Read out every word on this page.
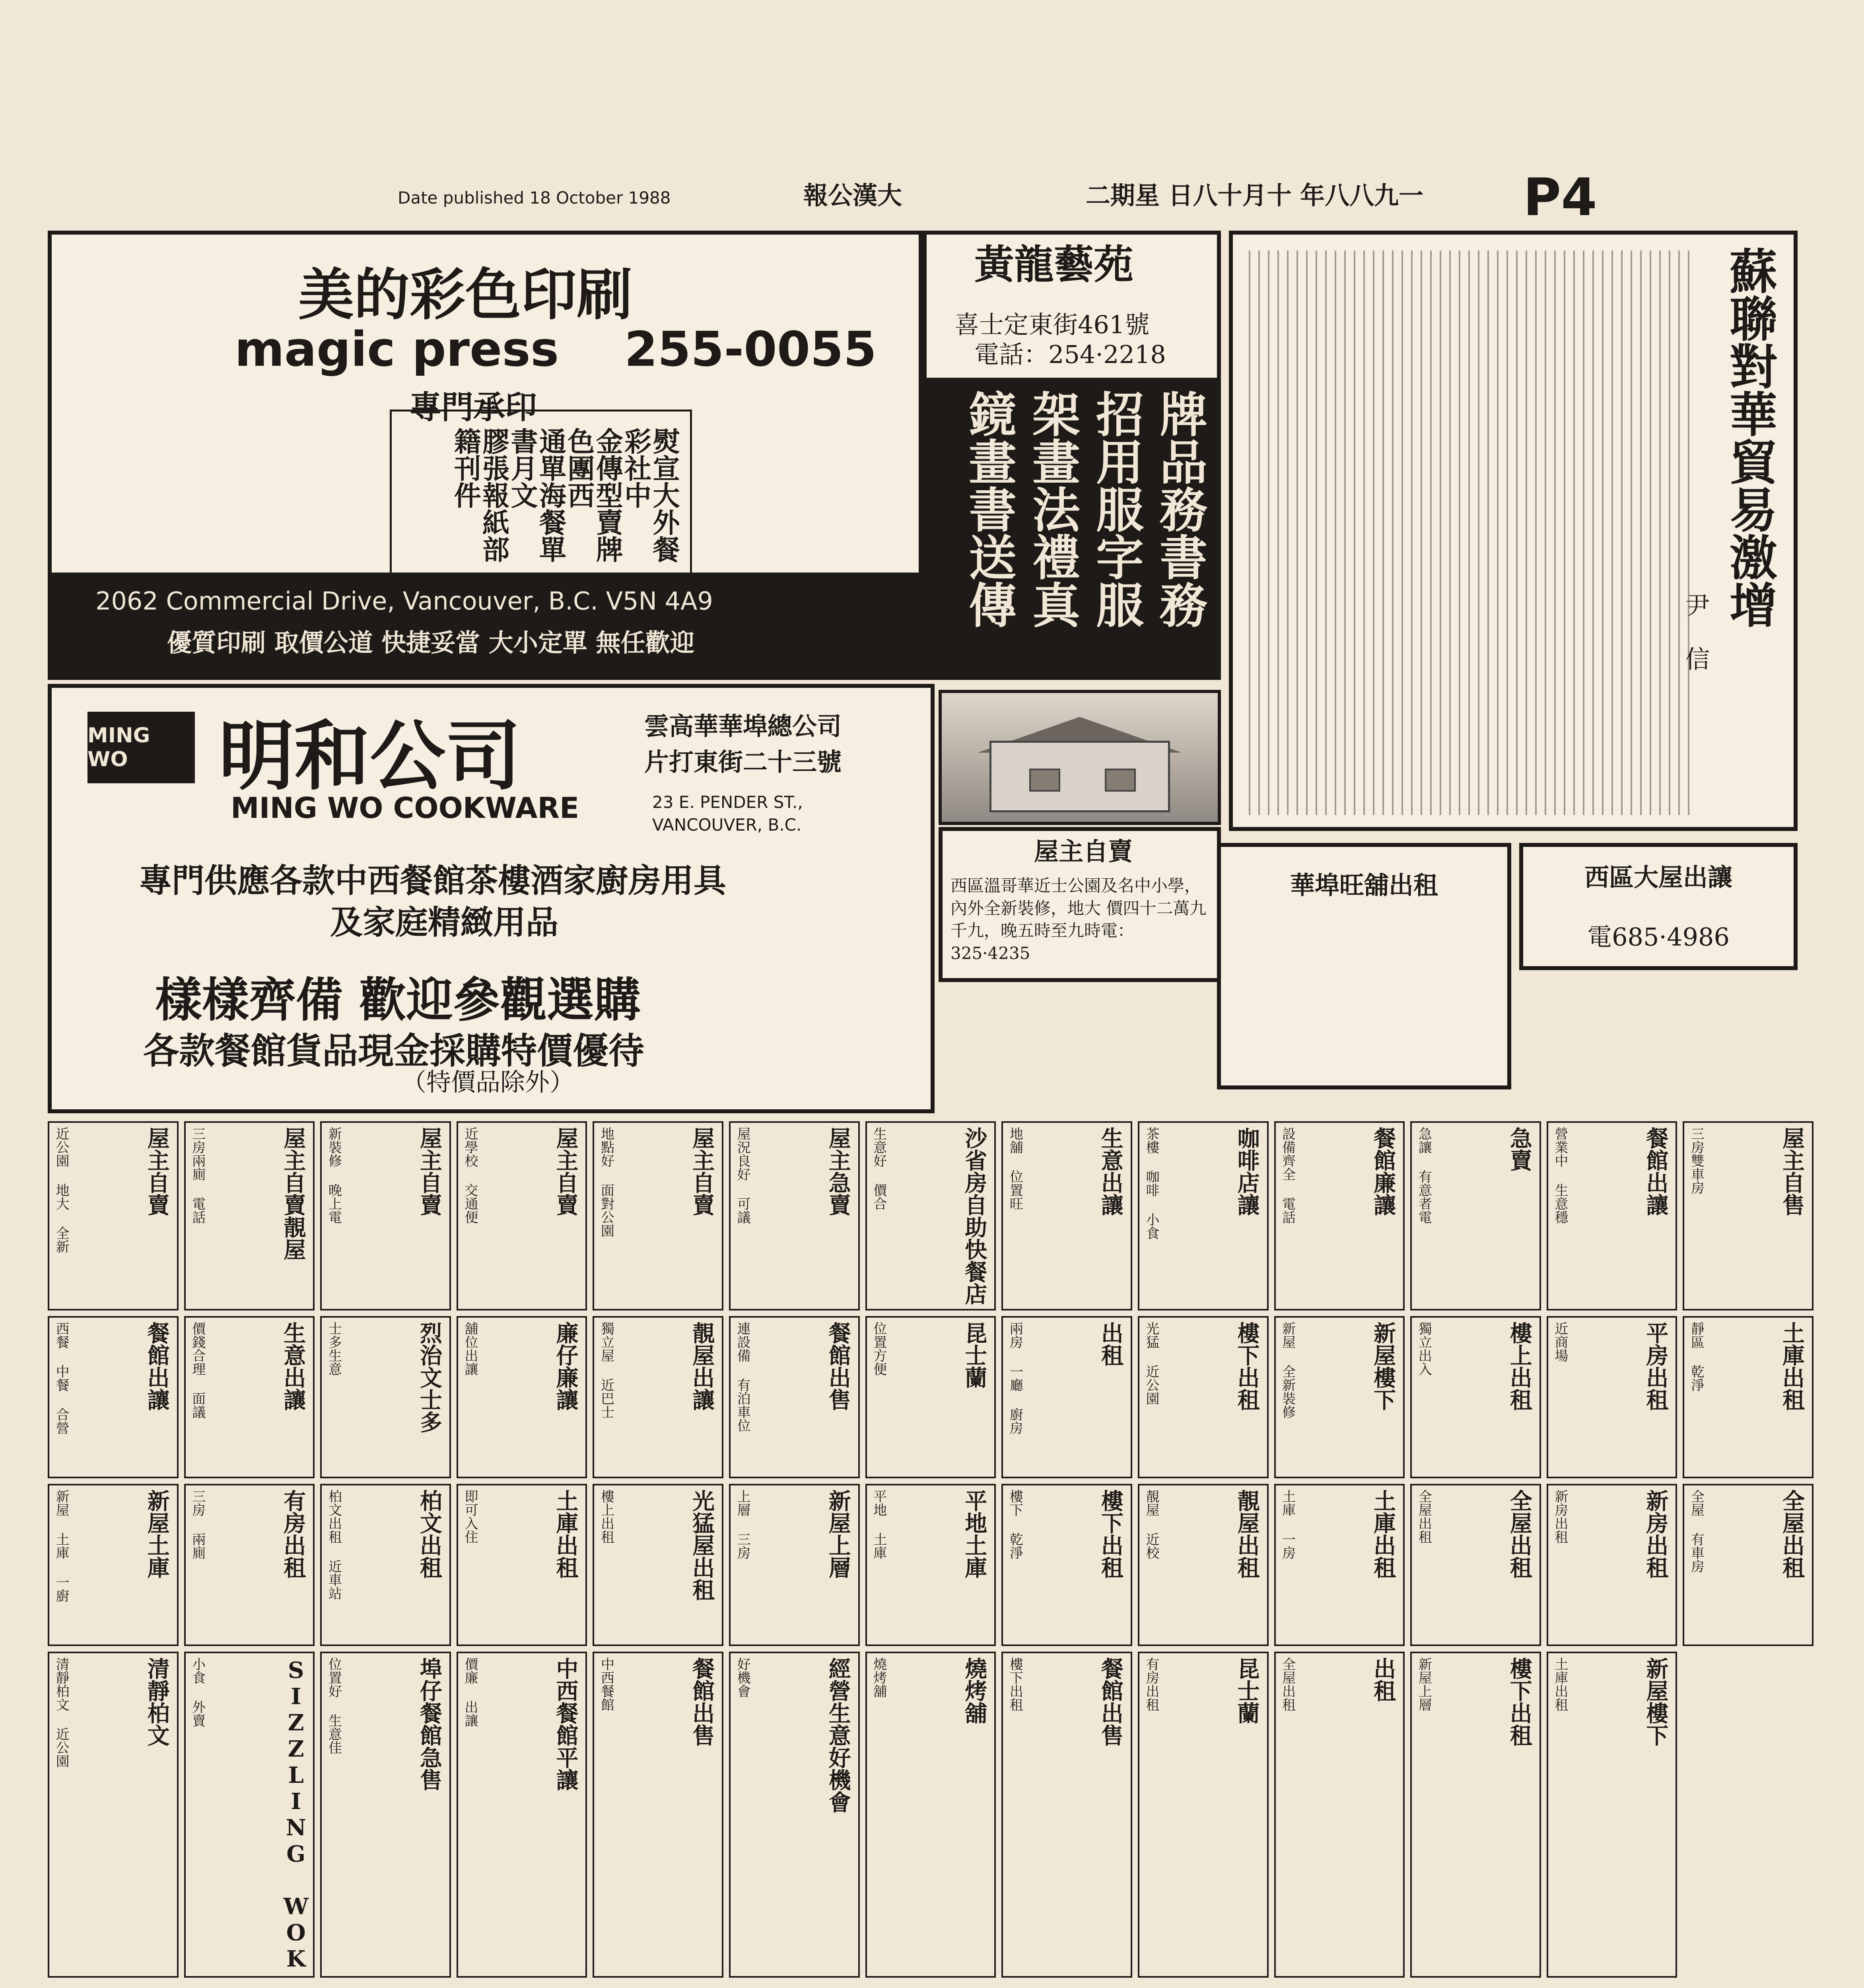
Date published 18 October 1988	報公漢大	二期星 日八十月十 年八八九一	P4
美的彩色印刷
magic press 255-0055
專門承印
熨宣大外餐彩社中 金傳型賣牌色團西 通單海餐單書月文 膠張報紙部籍刊件
2062 Commercial Drive, Vancouver, B.C. V5N 4A9
優質印刷 取價公道 快捷妥當 大小定單 無任歡迎
黃龍藝苑
喜士定東街461號
電話：254·2218
鏡畫書送傳 架畫法禮真 招用服字服 牌品務書務
MING WO	明和公司
MING WO COOKWARE
雲高華華埠總公司
片打東街二十三號
23 E. PENDER ST., VANCOUVER, B.C.
專門供應各款中西餐館茶樓酒家廚房用具
及家庭精緻用品
樣樣齊備 歡迎參觀選購
各款餐館貨品現金採購特價優待
（特價品除外）
屋主自賣
西區溫哥華近士公園及名中小學，內外全新裝修，地大 價四十二萬九千九，晚五時至九時電：325·4235
蘇聯對華貿易激增
尹 信
華埠旺舖出租	西區大屋出讓
電685·4986
屋主自賣
近公園 地大 全新	屋主自賣靚屋
三房兩廁 電話	屋主自賣
新裝修 晚上電	屋主自賣
近學校 交通便	屋主自賣
地點好 面對公園	屋主急賣
屋況良好 可議	沙省房自助快餐店
生意好 價合	生意出讓
地舖 位置旺	咖啡店讓
茶樓 咖啡 小食	餐館廉讓
設備齊全 電話	急賣
急讓 有意者電	餐館出讓
營業中 生意穩	屋主自售
三房雙車房
餐館出讓
西餐 中餐 合營	生意出讓
價錢合理 面議	烈治文士多
士多生意	廉仔廉讓
舖位出讓	靚屋出讓
獨立屋 近巴士	餐館出售
連設備 有泊車位	昆士蘭
位置方便	出租
兩房 一廳 廚房	樓下出租
光猛 近公園	新屋樓下
新屋 全新裝修	樓上出租
獨立出入	平房出租
近商場	土庫出租
靜區 乾淨
新屋土庫
新屋 土庫 一廚	有房出租
三房 兩廁	柏文出租
柏文出租 近車站	土庫出租
即可入住	光猛屋出租
樓上出租	新屋上層
上層 三房	平地土庫
平地 土庫	樓下出租
樓下 乾淨	靚屋出租
靚屋 近校	土庫出租
土庫 一房	全屋出租
全屋出租	新房出租
新房出租	全屋出租
全屋 有車房
清靜柏文
清靜柏文 近公園	SIZZLING WOK
小食 外賣	埠仔餐館急售
位置好 生意佳	中西餐館平讓
價廉 出讓	餐館出售
中西餐館	經營生意好機會
好機會	燒烤舖
燒烤舖	餐館出售
樓下出租	昆士蘭
有房出租	出租
全屋出租	樓下出租
新屋上層	新屋樓下
土庫出租
